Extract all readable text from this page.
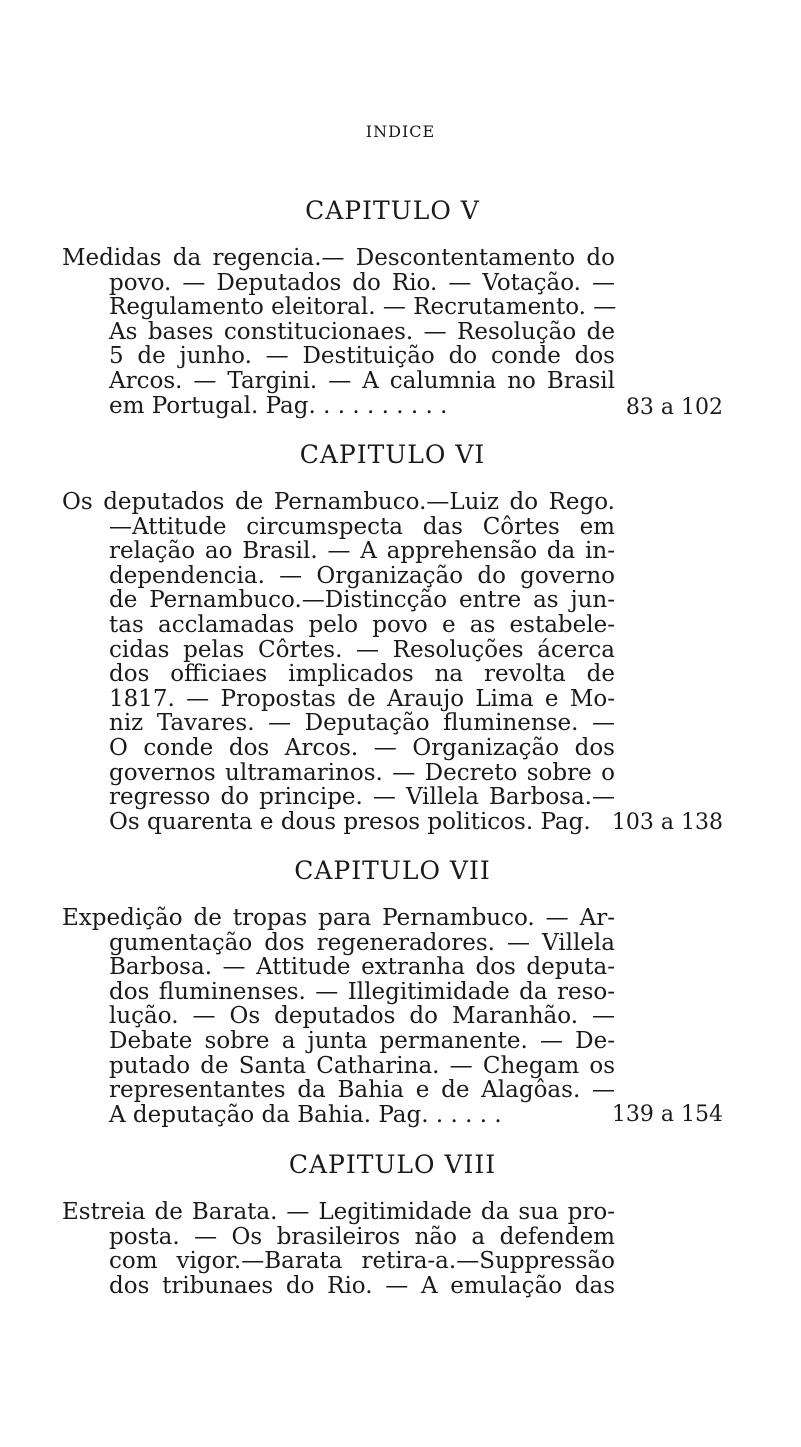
INDICE
CAPITULO V
Medidas da regencia.— Descontentamento do
povo. — Deputados do Rio. — Votação. —
Regulamento eleitoral. — Recrutamento. —
As bases constitucionaes. — Resolução de
5 de junho. — Destituição do conde dos
Arcos. — Targini. — A calumnia no Brasil
em Portugal. Pag. . . . . . . . . .	83 a 102
CAPITULO VI
Os deputados de Pernambuco.—Luiz do Rego.
—Attitude circumspecta das Côrtes em
relação ao Brasil. — A apprehensão da in-
dependencia. — Organização do governo
de Pernambuco.—Distincção entre as jun-
tas acclamadas pelo povo e as estabele-
cidas pelas Côrtes. — Resoluções ácerca
dos officiaes implicados na revolta de
1817. — Propostas de Araujo Lima e Mo-
niz Tavares. — Deputação fluminense. —
O conde dos Arcos. — Organização dos
governos ultramarinos. — Decreto sobre o
regresso do principe. — Villela Barbosa.—
Os quarenta e dous presos politicos. Pag. 103 a 138
CAPITULO VII
Expedição de tropas para Pernambuco. — Ar-
gumentação dos regeneradores. — Villela
Barbosa. — Attitude extranha dos deputa-
dos fluminenses. — Illegitimidade da reso-
lução. — Os deputados do Maranhão. —
Debate sobre a junta permanente. — De-
putado de Santa Catharina. — Chegam os
representantes da Bahia e de Alagôas. —
A deputação da Bahia. Pag. . . . . .	139 a 154
CAPITULO VIII
Estreia de Barata. — Legitimidade da sua pro-
posta. — Os brasileiros não a defendem
com vigor.—Barata retira-a.—Suppressão
dos tribunaes do Rio. — A emulação das
